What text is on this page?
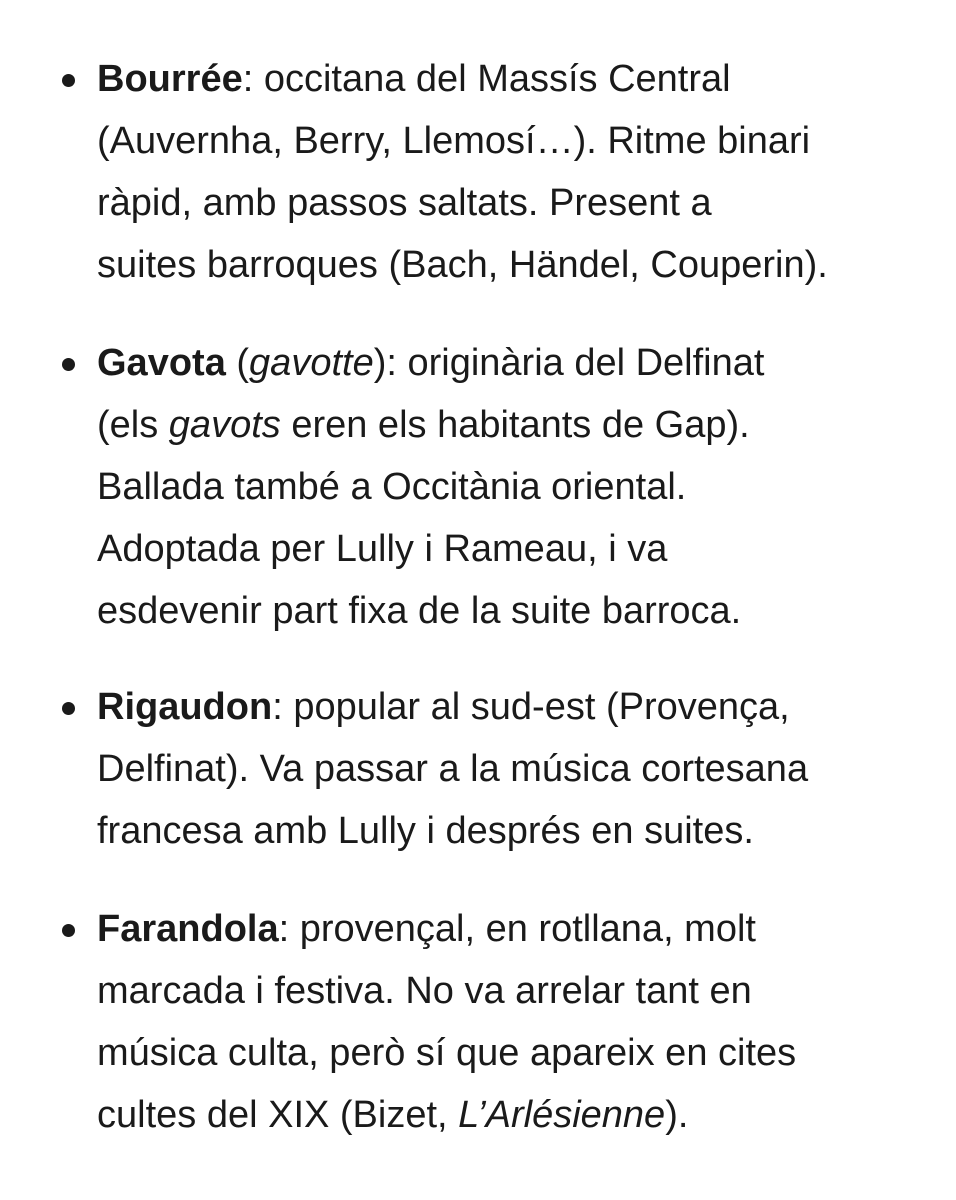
Bourrée: occitana del Massís Central
(Auvernha, Berry, Llemosí…). Ritme binari
ràpid, amb passos saltats. Present a
suites barroques (Bach, Händel, Couperin).
Gavota (gavotte): originària del Delfinat
(els gavots eren els habitants de Gap).
Ballada també a Occitània oriental.
Adoptada per Lully i Rameau, i va
esdevenir part fixa de la suite barroca.
Rigaudon: popular al sud-est (Provença,
Delfinat). Va passar a la música cortesana
francesa amb Lully i després en suites.
Farandola: provençal, en rotllana, molt
marcada i festiva. No va arrelar tant en
música culta, però sí que apareix en cites
cultes del XIX (Bizet, L’Arlésienne).
